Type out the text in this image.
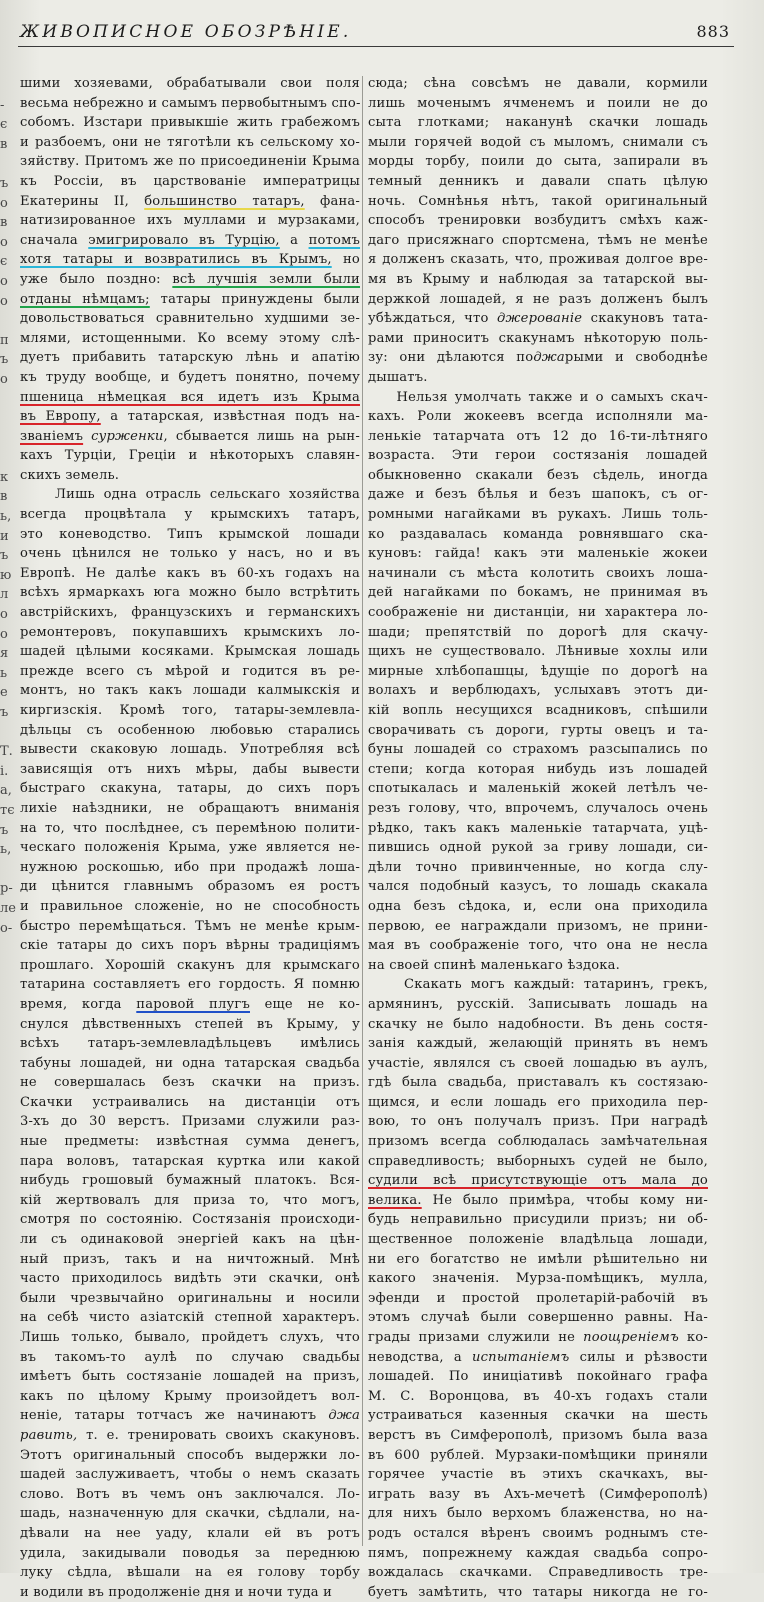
ЖИВОПИСНОЕ ОБОЗРѢНІЕ.	883
-
є
в
ъ
о
в
о
є
о
о
п
ъ
о
к
в
ь,
и
ъ
ю
л
о
о
я
ь
е
ъ
Т.
і.
а,
тє
ъ
ь,
р-
ле
о-
шими хозяевами, обрабатывали свои поля
весьма небрежно и самымъ первобытнымъ спо-
собомъ. Изстари привыкшіе жить грабежомъ
и разбоемъ, они не тяготѣли къ сельскому хо-
зяйству. Притомъ же по присоединеніи Крыма
къ Россіи, въ царствованіе императрицы
Екатерины II, большинство татаръ, фана-
натизированное ихъ муллами и мурзаками,
сначала эмигрировало въ Турцію, а потомъ
хотя татары и возвратились въ Крымъ, но
уже было поздно: всѣ лучшія земли были
отданы нѣмцамъ; татары принуждены были
довольствоваться сравнительно худшими зе-
млями, истощенными. Ко всему этому слѣ-
дуетъ прибавить татарскую лѣнь и апатію
къ труду вообще, и будетъ понятно, почему
пшеница нѣмецкая вся идетъ изъ Крыма
въ Европу, а татарская, извѣстная подъ на-
званіемъ сурженки, сбывается лишь на рын-
кахъ Турціи, Греціи и нѣкоторыхъ славян-
скихъ земель.
Лишь одна отрасль сельскаго хозяйства
всегда процвѣтала у крымскихъ татаръ,
это коневодство. Типъ крымской лошади
очень цѣнился не только у насъ, но и въ
Европѣ. Не далѣе какъ въ 60-хъ годахъ на
всѣхъ ярмаркахъ юга можно было встрѣтить
австрійскихъ, французскихъ и германскихъ
ремонтеровъ, покупавшихъ крымскихъ ло-
шадей цѣлыми косяками. Крымская лошадь
прежде всего съ мѣрой и годится въ ре-
монтъ, но такъ какъ лошади калмыкскія и
киргизскія. Кромѣ того, татары-землевла-
дѣльцы съ особенною любовью старались
вывести скаковую лошадь. Употребляя всѣ
зависящія отъ нихъ мѣры, дабы вывести
быстраго скакуна, татары, до сихъ поръ
лихіе наѣздники, не обращаютъ вниманія
на то, что послѣднее, съ перемѣною полити-
ческаго положенія Крыма, уже является не-
нужною роскошью, ибо при продажѣ лоша-
ди цѣнится главнымъ образомъ ея ростъ
и правильное сложеніе, но не способность
быстро перемѣщаться. Тѣмъ не менѣе крым-
скіе татары до сихъ поръ вѣрны традиціямъ
прошлаго. Хорошій скакунъ для крымскаго
татарина составляетъ его гордость. Я помню
время, когда паровой плугъ еще не ко-
снулся дѣвственныхъ степей въ Крыму, у
всѣхъ татаръ-землевладѣльцевъ имѣлись
табуны лошадей, ни одна татарская свадьба
не совершалась безъ скачки на призъ.
Скачки устраивались на дистанціи отъ
3-хъ до 30 верстъ. Призами служили раз-
ные предметы: извѣстная сумма денегъ,
пара воловъ, татарская куртка или какой
нибудь грошовый бумажный платокъ. Вся-
кій жертвовалъ для приза то, что могъ,
смотря по состоянію. Состязанія происходи-
ли съ одинаковой энергіей какъ на цѣн-
ный призъ, такъ и на ничтожный. Мнѣ
часто приходилось видѣть эти скачки, онѣ
были чрезвычайно оригинальны и носили
на себѣ чисто азіатскій степной характеръ.
Лишь только, бывало, пройдетъ слухъ, что
въ такомъ-то аулѣ по случаю свадьбы
имѣетъ быть состязаніе лошадей на призъ,
какъ по цѣлому Крыму произойдетъ вол-
неніе, татары тотчасъ же начинаютъ джа
равить, т. е. тренировать своихъ скакуновъ.
Этотъ оригинальный способъ выдержки ло-
шадей заслуживаетъ, чтобы о немъ сказать
слово. Вотъ въ чемъ онъ заключался. Ло-
шадь, назначенную для скачки, сѣдлали, на-
дѣвали на нее уаду, клали ей въ ротъ
удила, закидывали поводья за переднюю
луку сѣдла, вѣшали на ея голову торбу
и водили въ продолженіе дня и ночи туда и
сюда; сѣна совсѣмъ не давали, кормили
лишь моченымъ ячменемъ и поили не до
сыта глотками; наканунѣ скачки лошадь
мыли горячей водой съ мыломъ, снимали съ
морды торбу, поили до сыта, запирали въ
темный денникъ и давали спать цѣлую
ночь. Сомнѣнья нѣтъ, такой оригинальный
способъ тренировки возбудитъ смѣхъ каж-
даго присяжнаго спортсмена, тѣмъ не менѣе
я долженъ сказать, что, проживая долгое вре-
мя въ Крыму и наблюдая за татарской вы-
держкой лошадей, я не разъ долженъ былъ
убѣждаться, что джерованіе скакуновъ тата-
рами приноситъ скакунамъ нѣкоторую поль-
зу: они дѣлаются поджарыми и свободнѣе
дышатъ.
Нельзя умолчать также и о самыхъ скач-
кахъ. Роли жокеевъ всегда исполняли ма-
ленькіе татарчата отъ 12 до 16-ти-лѣтняго
возраста. Эти герои состязанія лошадей
обыкновенно скакали безъ сѣдель, иногда
даже и безъ бѣлья и безъ шапокъ, съ ог-
ромными нагайками въ рукахъ. Лишь толь-
ко раздавалась команда ровнявшаго ска-
куновъ: гайда! какъ эти маленькіе жокеи
начинали съ мѣста колотить своихъ лоша-
дей нагайками по бокамъ, не принимая въ
соображеніе ни дистанціи, ни характера ло-
шади; препятствій по дорогѣ для скачу-
щихъ не существовало. Лѣнивые хохлы или
мирные хлѣбопашцы, ѣдущіе по дорогѣ на
волахъ и верблюдахъ, услыхавъ этотъ ди-
кій вопль несущихся всадниковъ, спѣшили
сворачивать съ дороги, гурты овецъ и та-
буны лошадей со страхомъ разсыпались по
степи; когда которая нибудь изъ лошадей
спотыкалась и маленькій жокей летѣлъ че-
резъ голову, что, впрочемъ, случалось очень
рѣдко, такъ какъ маленькіе татарчата, уцѣ-
пившись одной рукой за гриву лошади, си-
дѣли точно привинченные, но когда слу-
чался подобный казусъ, то лошадь скакала
одна безъ сѣдока, и, если она приходила
первою, ее награждали призомъ, не прини-
мая въ соображеніе того, что она не несла
на своей спинѣ маленькаго ѣздока.
Скакать могъ каждый: татаринъ, грекъ,
армянинъ, русскій. Записывать лошадь на
скачку не было надобности. Въ день состя-
занія каждый, желающій принять въ немъ
участіе, являлся съ своей лошадью въ аулъ,
гдѣ была свадьба, приставалъ къ состязаю-
щимся, и если лошадь его приходила пер-
вою, то онъ получалъ призъ. При наградѣ
призомъ всегда соблюдалась замѣчательная
справедливость; выборныхъ судей не было,
судили всѣ присутствующіе отъ мала до
велика. Не было примѣра, чтобы кому ни-
будь неправильно присудили призъ; ни об-
щественное положеніе владѣльца лошади,
ни его богатство не имѣли рѣшительно ни
какого значенія. Мурза-помѣщикъ, мулла,
эфенди и простой пролетарій-рабочій въ
этомъ случаѣ были совершенно равны. На-
грады призами служили не поощреніемъ ко-
неводства, а испытаніемъ силы и рѣзвости
лошадей. По иниціативѣ покойнаго графа
М. С. Воронцова, въ 40-хъ годахъ стали
устраиваться казенныя скачки на шесть
верстъ въ Симферополѣ, призомъ была ваза
въ 600 рублей. Мурзаки-помѣщики приняли
горячее участіе въ этихъ скачкахъ, вы-
играть вазу въ Ахъ-мечетѣ (Симферополѣ)
для нихъ было верхомъ блаженства, но на-
родъ остался вѣренъ своимъ роднымъ сте-
пямъ, попрежнему каждая свадьба сопро-
вождалась скачками. Справедливость тре-
буетъ замѣтить, что татары никогда не го-
